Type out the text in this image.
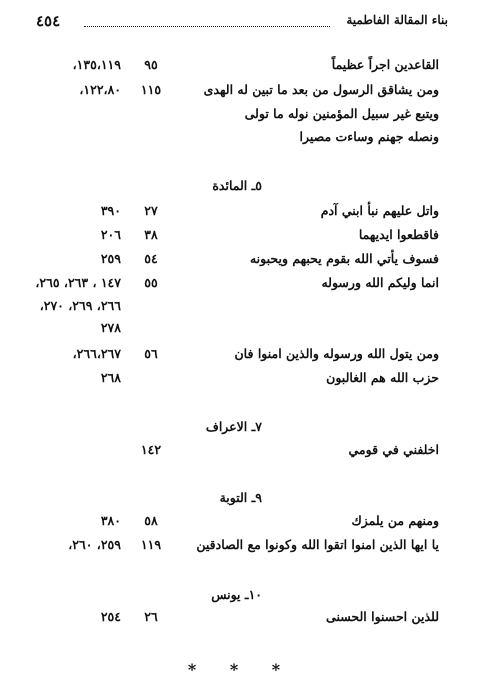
٤٥٤	بناء المقالة الفاطمية
القاعدين اجراً عظيماً
٩٥
١٣٥،١١٩،
ومن يشاقق الرسول من بعد ما تبين له الهدى
١١٥
١٢٢،٨٠،
ويتبع غير سبيل المؤمنين نوله ما تولى
ونصله جهنم وساءت مصيرا
٥ـ المائدة
واتل عليهم نبأ ابني آدم
٢٧
٣٩٠
فاقطعوا ايديهما
٣٨
٢٠٦
فسوف يأتي الله بقوم يحبهم ويحبونه
٥٤
٢٥٩
انما وليكم الله ورسوله
٥٥
١٤٧ ، ٢٦٣، ٢٦٥،
٢٦٦، ٢٦٩، ٢٧٠،
٢٧٨
ومن يتول الله ورسوله والذين امنوا فان
٥٦
٢٦٦،٢٦٧،
حزب الله هم الغالبون
٢٦٨
٧ـ الاعراف
اخلفني في قومي
١٤٢
٩ـ التوبة
ومنهم من يلمزك
٥٨
٣٨٠
يا ايها الذين امنوا اتقوا الله وكونوا مع الصادقين
١١٩
٢٥٩، ٢٦٠،
١٠ـ يونس
للذين احسنوا الحسنى
٢٦
٢٥٤
* * *
